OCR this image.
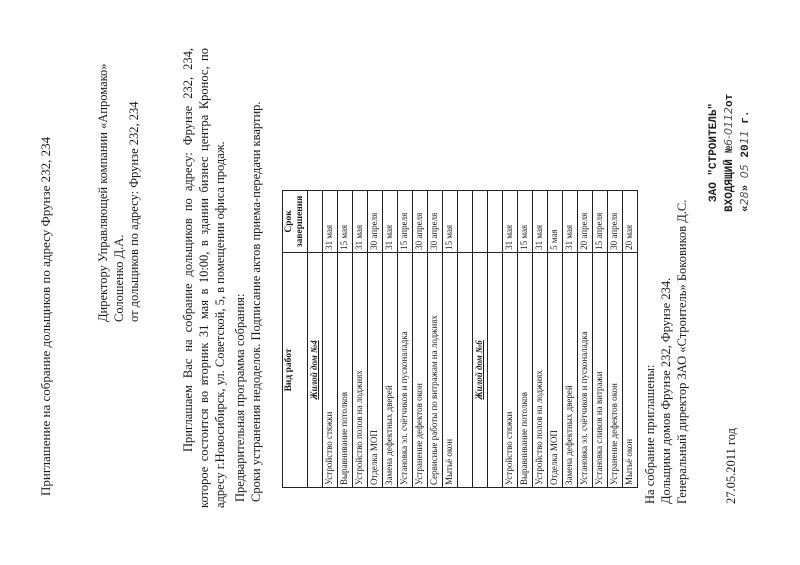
Приглашение на собрание дольщиков по адресу Фрунзе 232, 234	Директору Управляющей компании «Апромако» Солошенко Д.А. от дольщиков по адресу: Фрунзе 232, 234	Приглашаем Вас на собрание дольщиков по адресу: Фрунзе 232, 234, которое состоится во вторник 31 мая в 10:00, в здании бизнес центра Кронос, по адресу г.Новосибирск, ул. Советской, 5, в помещении офиса продаж. Предварительная программа собрания: Сроки устранения недоделок. Подписание актов приема-передачи квартир. Вид работ	Срок завершения
Жилой дом №4	
Устройство стяжки	31 мая
Выравнивание потолков	15 мая
Устройство полов на лоджиях	31 мая
Отделка МОП	30 апреля
Замена дефектных дверей	31 мая
Установка эл. счётчиков и пусконаладка	15 апреля
Устранение дефектов окон	30 апреля
Сервисные работы по витражам на лоджиях	30 апреля
Мытьё окон	15 мая

Жилой дом №6	

Устройство стяжки	31 мая
Выравнивание потолков	15 мая
Устройство полов на лоджиях	31 мая
Отделка МОП	5 мая
Замена дефектных дверей	31 мая
Установка эл. счётчиков и пусконаладка	20 апреля
Установка сливов на витражи	15 апреля
Устранение дефектов окон	30 апреля
Мытьё окон	20 мая
На собрание приглашены: Дольщики домов Фрунзе 232, Фрунзе 234. Генеральный директор ЗАО «Строитель» Боковиков Д.С.	27.05.2011 год
ЗАО "СТРОИТЕЛЬ" ВХОДЯЩИЙ №6-0112от
«28» 05 2011 г.
